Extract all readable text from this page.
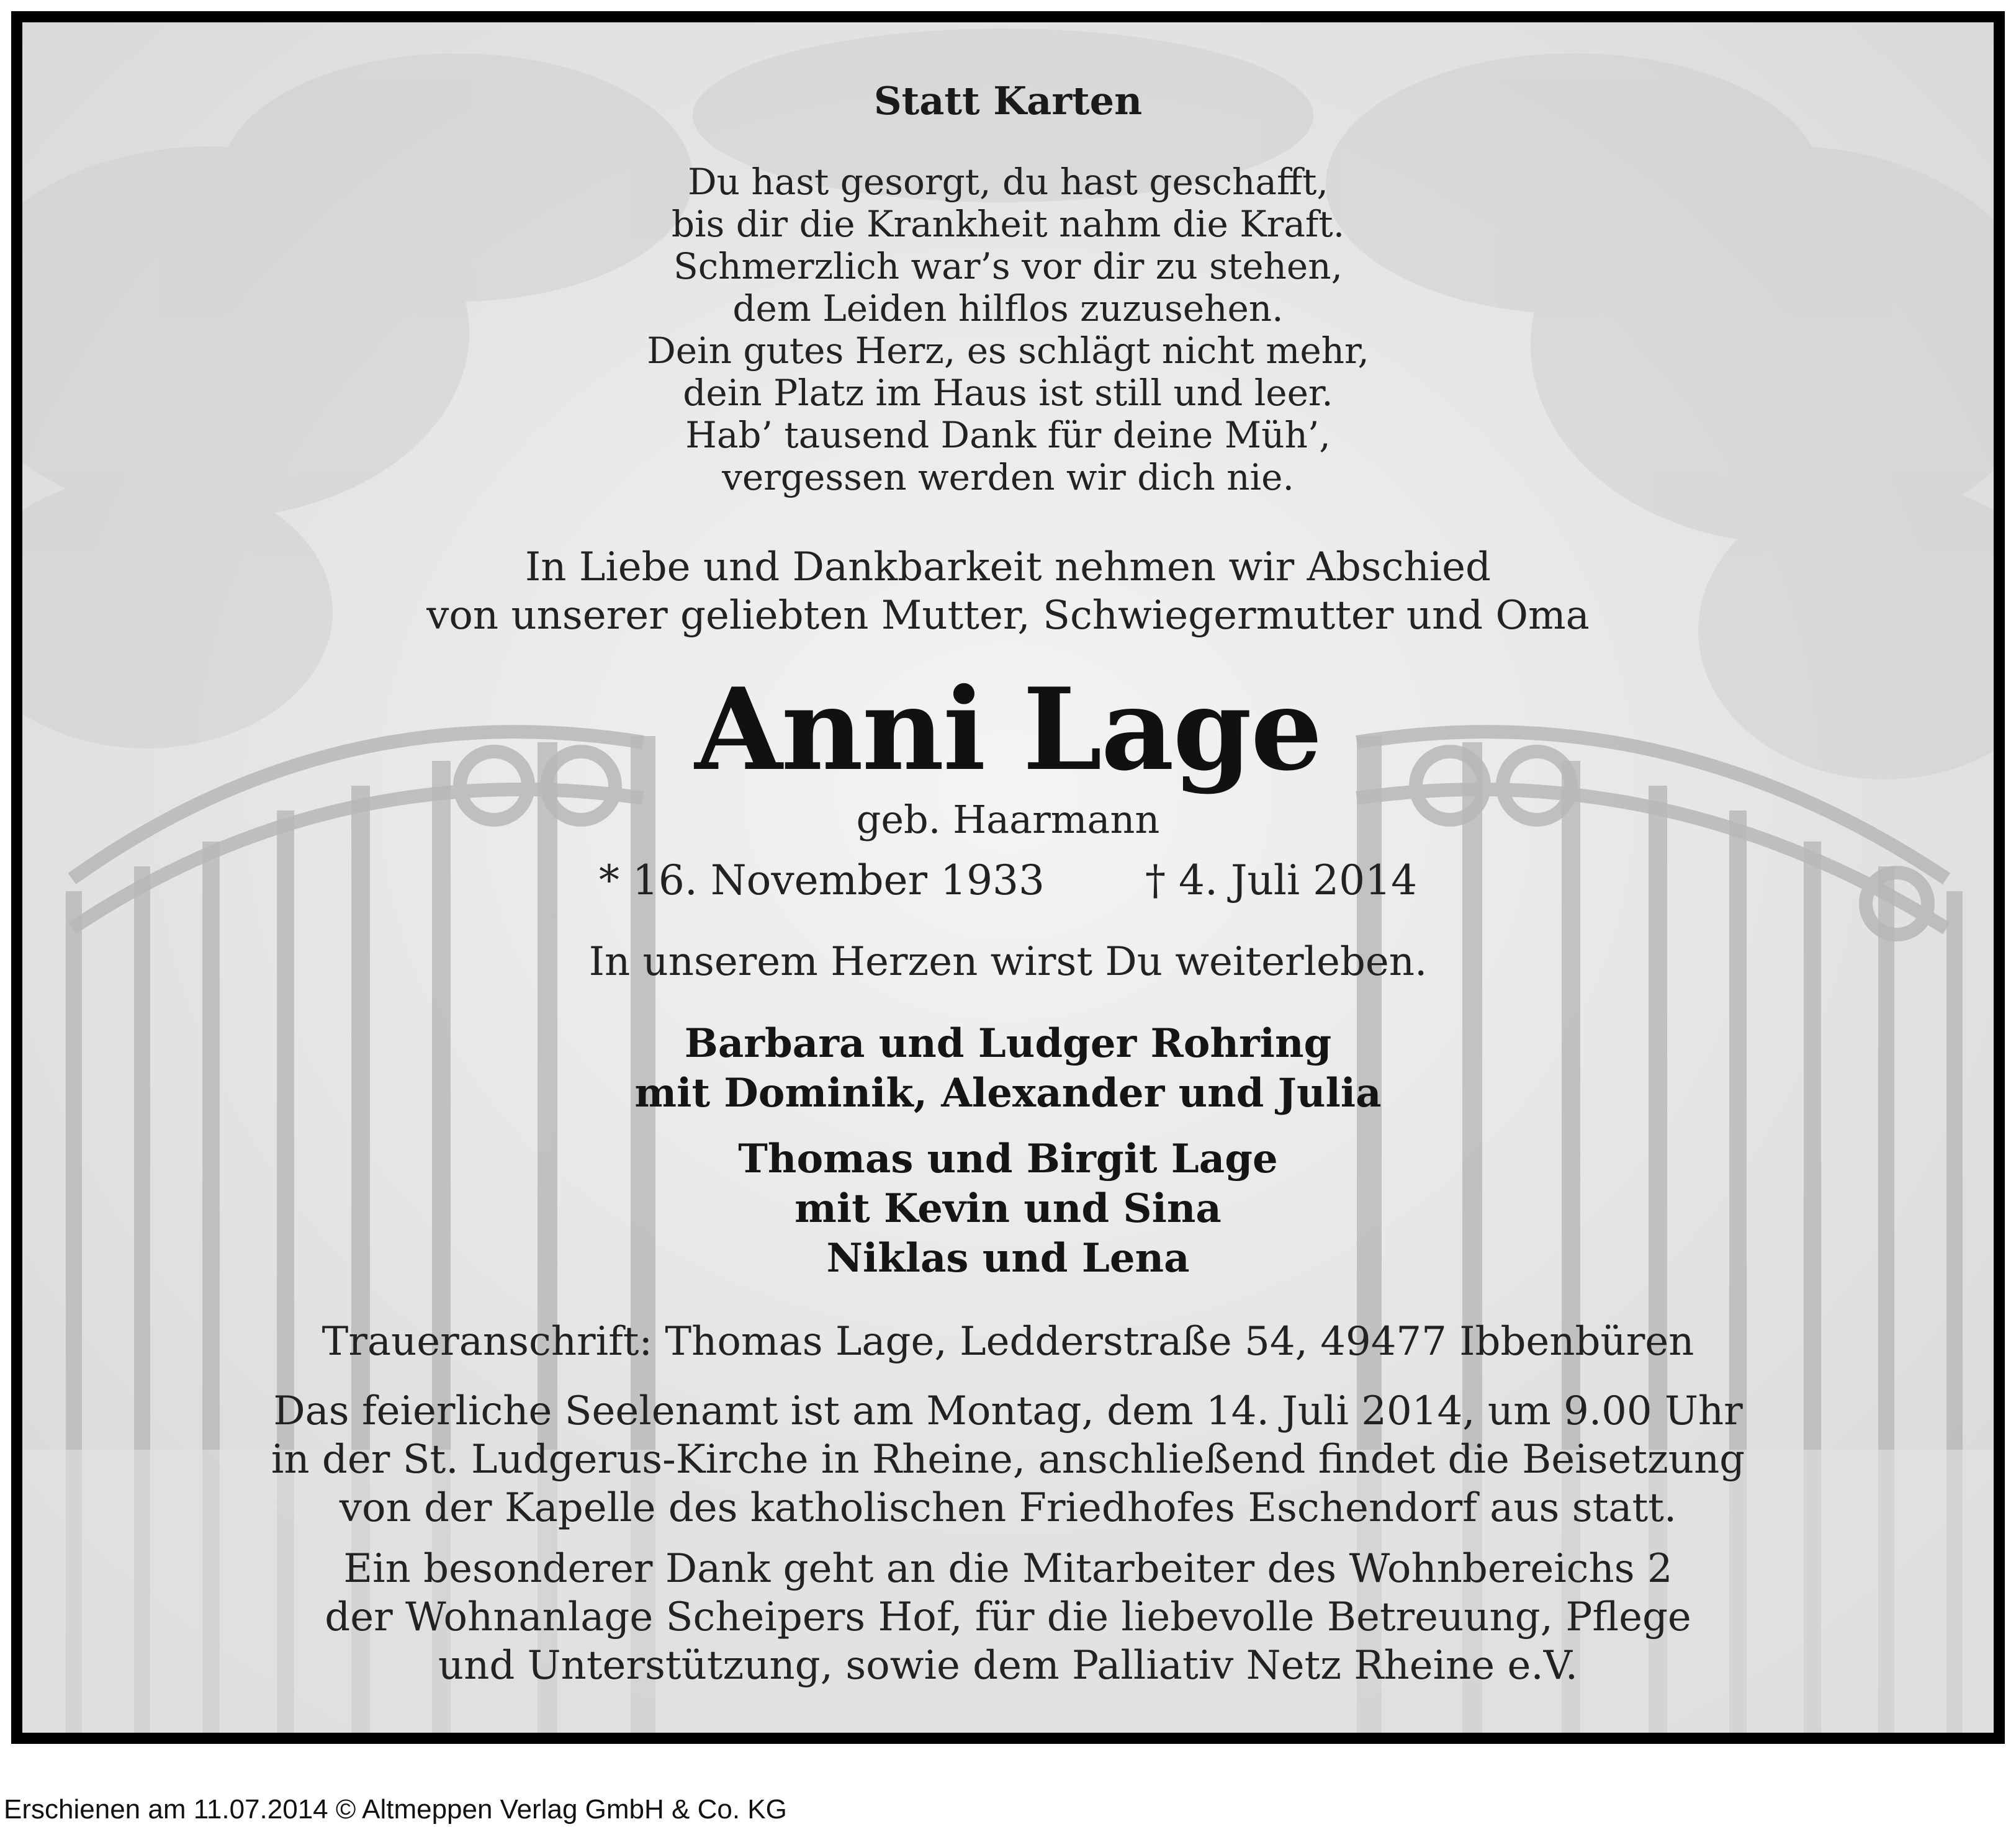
Statt Karten
Du hast gesorgt, du hast geschafft,
bis dir die Krankheit nahm die Kraft.
Schmerzlich war’s vor dir zu stehen,
dem Leiden hilflos zuzusehen.
Dein gutes Herz, es schlägt nicht mehr,
dein Platz im Haus ist still und leer.
Hab’ tausend Dank für deine Müh’,
vergessen werden wir dich nie.
In Liebe und Dankbarkeit nehmen wir Abschied
von unserer geliebten Mutter, Schwiegermutter und Oma
Anni Lage
geb. Haarmann
* 16. November 1933 † 4. Juli 2014
In unserem Herzen wirst Du weiterleben.
Barbara und Ludger Rohring
mit Dominik, Alexander und Julia
Thomas und Birgit Lage
mit Kevin und Sina
Niklas und Lena
Traueranschrift: Thomas Lage, Ledderstraße 54, 49477 Ibbenbüren
Das feierliche Seelenamt ist am Montag, dem 14. Juli 2014, um 9.00 Uhr
in der St. Ludgerus-Kirche in Rheine, anschließend findet die Beisetzung
von der Kapelle des katholischen Friedhofes Eschendorf aus statt.
Ein besonderer Dank geht an die Mitarbeiter des Wohnbereichs 2
der Wohnanlage Scheipers Hof, für die liebevolle Betreuung, Pflege
und Unterstützung, sowie dem Palliativ Netz Rheine e.V.
Erschienen am 11.07.2014 © Altmeppen Verlag GmbH & Co. KG
